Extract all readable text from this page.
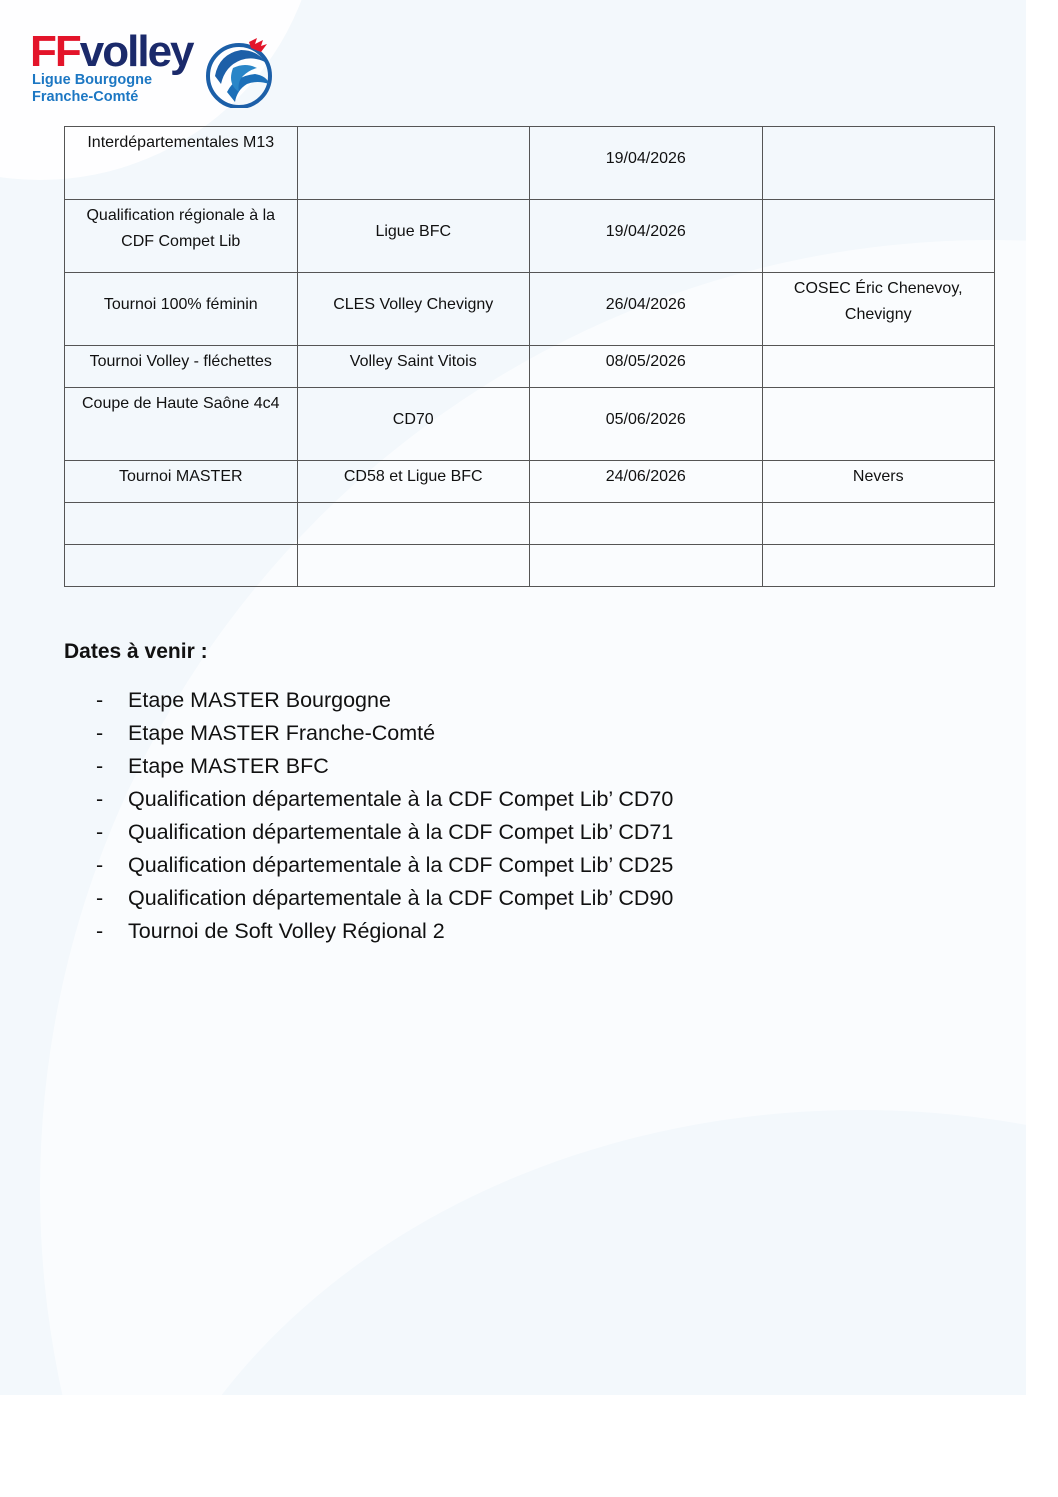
FFvolley
Ligue Bourgogne
Franche-Comté
Interdépartementales M13		19/04/2026	
Qualification régionale à la CDF Compet Lib	Ligue BFC	19/04/2026	
Tournoi 100% féminin	CLES Volley Chevigny	26/04/2026	COSEC Éric Chenevoy, Chevigny
Tournoi Volley - fléchettes	Volley Saint Vitois	08/05/2026	
Coupe de Haute Saône 4c4	CD70	05/06/2026	
Tournoi MASTER	CD58 et Ligue BFC	24/06/2026	Nevers

Dates à venir :
-	Etape MASTER Bourgogne
-	Etape MASTER Franche-Comté
-	Etape MASTER BFC
-	Qualification départementale à la CDF Compet Lib’ CD70
-	Qualification départementale à la CDF Compet Lib’ CD71
-	Qualification départementale à la CDF Compet Lib’ CD25
-	Qualification départementale à la CDF Compet Lib’ CD90
-	Tournoi de Soft Volley Régional 2
